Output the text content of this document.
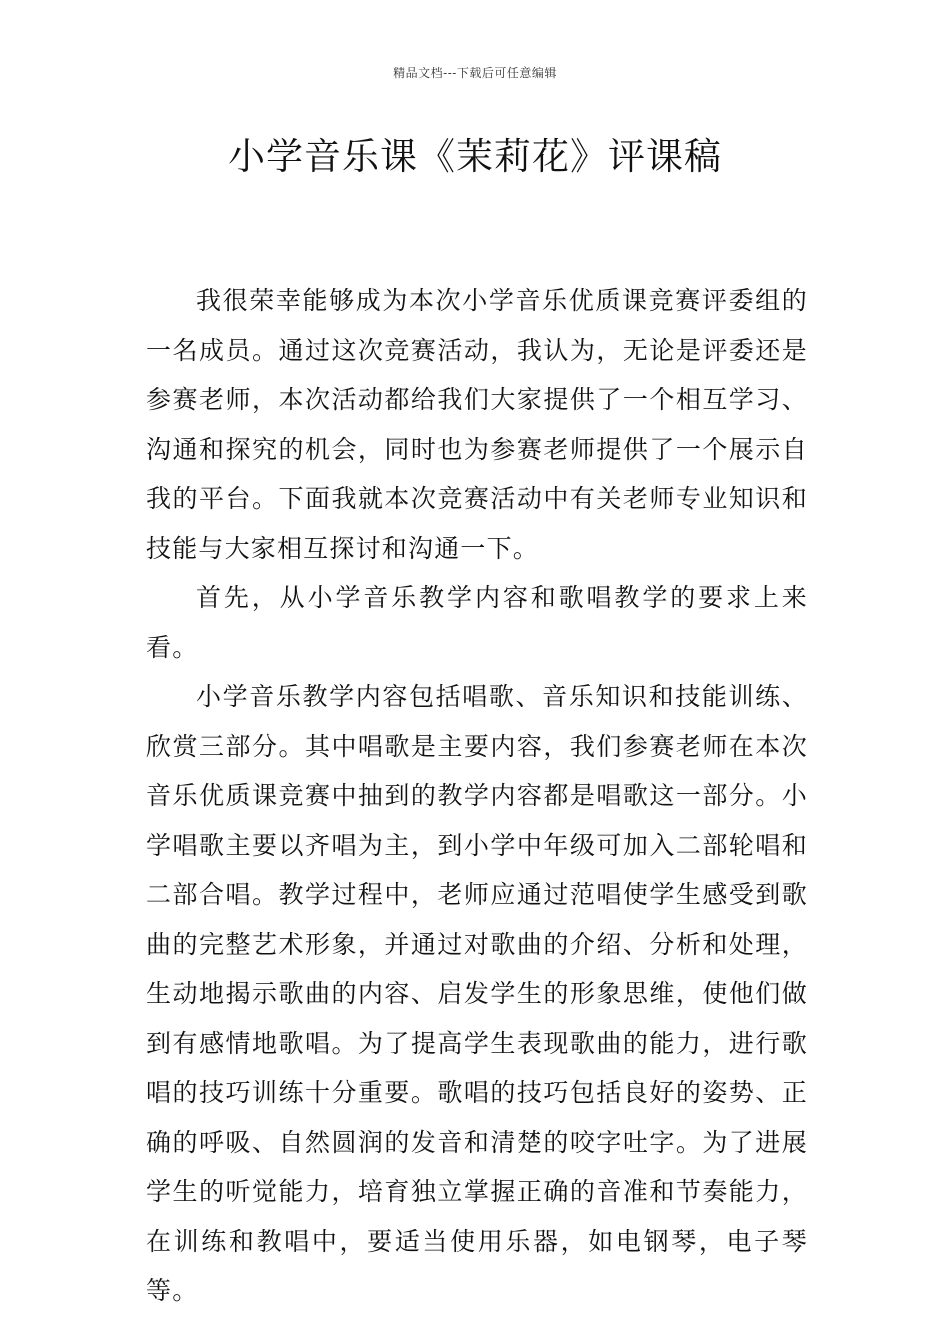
精品文档---下载后可任意编辑
小学音乐课《茉莉花》评课稿

我很荣幸能够成为本次小学音乐优质课竞赛评委组的一名成员。通过这次竞赛活动，我认为，无论是评委还是参赛老师，本次活动都给我们大家提供了一个相互学习、沟通和探究的机会，同时也为参赛老师提供了一个展示自我的平台。下面我就本次竞赛活动中有关老师专业知识和技能与大家相互探讨和沟通一下。

首先，从小学音乐教学内容和歌唱教学的要求上来看。

小学音乐教学内容包括唱歌、音乐知识和技能训练、欣赏三部分。其中唱歌是主要内容，我们参赛老师在本次音乐优质课竞赛中抽到的教学内容都是唱歌这一部分。小学唱歌主要以齐唱为主，到小学中年级可加入二部轮唱和二部合唱。教学过程中，老师应通过范唱使学生感受到歌曲的完整艺术形象，并通过对歌曲的介绍、分析和处理，生动地揭示歌曲的内容、启发学生的形象思维，使他们做到有感情地歌唱。为了提高学生表现歌曲的能力，进行歌唱的技巧训练十分重要。歌唱的技巧包括良好的姿势、正确的呼吸、自然圆润的发音和清楚的咬字吐字。为了进展学生的听觉能力，培育独立掌握正确的音准和节奏能力，在训练和教唱中，要适当使用乐器，如电钢琴，电子琴等。
